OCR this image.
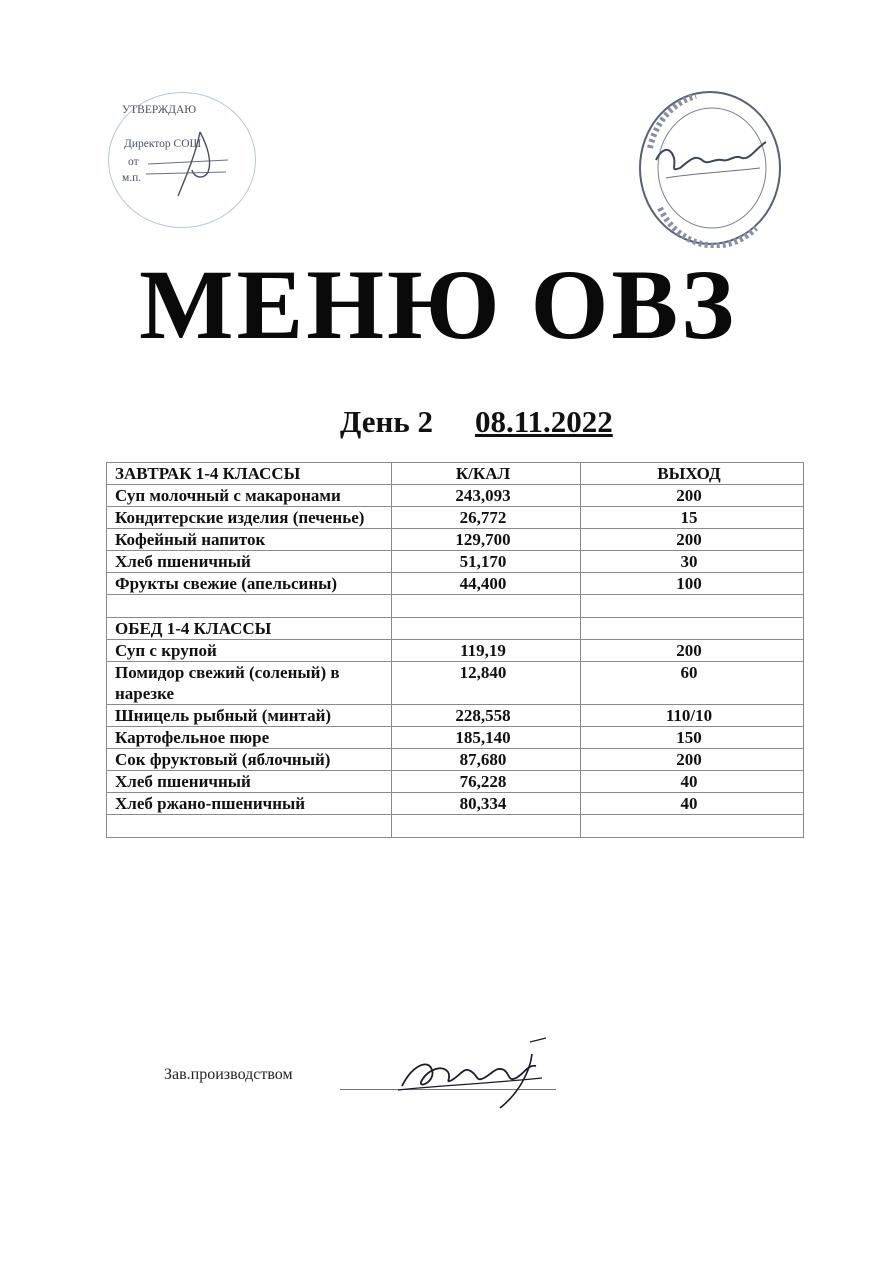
УТВЕРЖДАЮ
Директор СОШ
от
м.п.
МЕНЮ ОВЗ
День 2 08.11.2022
ЗАВТРАК 1-4 КЛАССЫ	К/КАЛ	ВЫХОД
Суп молочный с макаронами	243,093	200
Кондитерские изделия (печенье)	26,772	15
Кофейный напиток	129,700	200
Хлеб пшеничный	51,170	30
Фрукты свежие (апельсины)	44,400	100

ОБЕД 1-4 КЛАССЫ		
Суп с крупой	119,19	200
Помидор свежий (соленый) в нарезке	12,840	60
Шницель рыбный (минтай)	228,558	110/10
Картофельное пюре	185,140	150
Сок фруктовый (яблочный)	87,680	200
Хлеб пшеничный	76,228	40
Хлеб ржано-пшеничный	80,334	40

Зав.производством
